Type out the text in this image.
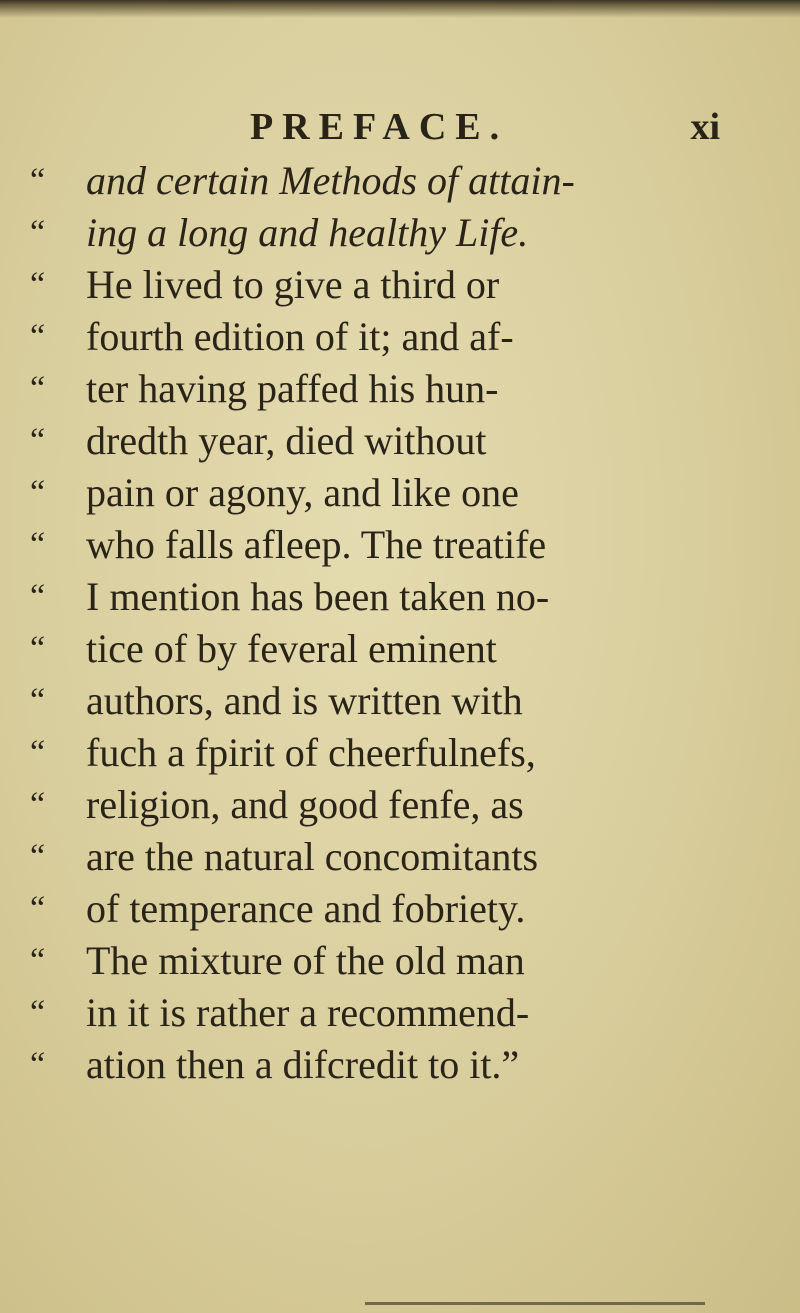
PREFACE.	xi
“	and certain Methods of attain-
“	ing a long and healthy Life.
“	He lived to give a third or
“	fourth edition of it; and af-
“	ter having paffed his hun-
“	dredth year, died without
“	pain or agony, and like one
“	who falls afleep. The treatife
“	I mention has been taken no-
“	tice of by feveral eminent
“	authors, and is written with
“	fuch a fpirit of cheerfulnefs,
“	religion, and good fenfe, as
“	are the natural concomitants
“	of temperance and fobriety.
“	The mixture of the old man
“	in it is rather a recommend-
“	ation then a difcredit to it.”
